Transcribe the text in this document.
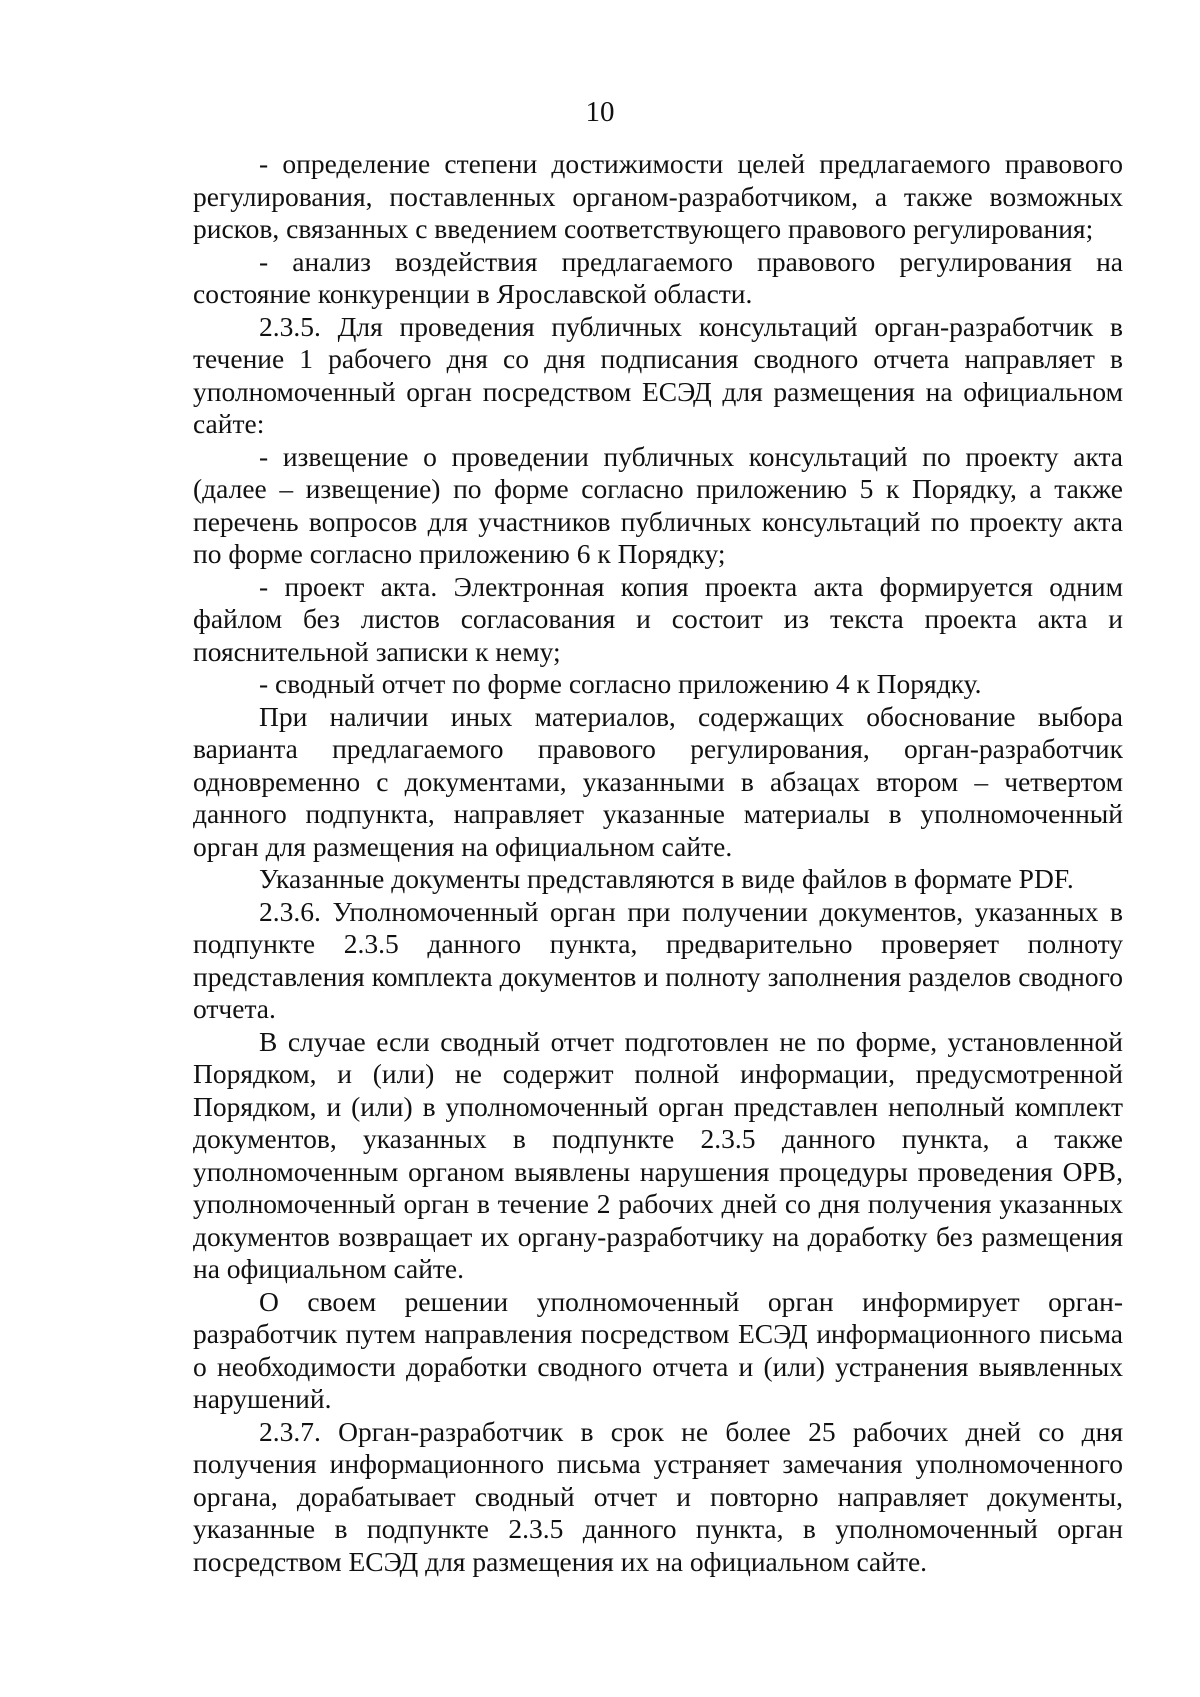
10

- определение степени достижимости целей предлагаемого правового регулирования, поставленных органом-разработчиком, а также возможных рисков, связанных с введением соответствующего правового регулирования;

- анализ воздействия предлагаемого правового регулирования на состояние конкуренции в Ярославской области.

2.3.5. Для проведения публичных консультаций орган-разработчик в течение 1 рабочего дня со дня подписания сводного отчета направляет в уполномоченный орган посредством ЕСЭД для размещения на официальном сайте:

- извещение о проведении публичных консультаций по проекту акта (далее – извещение) по форме согласно приложению 5 к Порядку, а также перечень вопросов для участников публичных консультаций по проекту акта по форме согласно приложению 6 к Порядку;

- проект акта. Электронная копия проекта акта формируется одним файлом без листов согласования и состоит из текста проекта акта и пояснительной записки к нему;

- сводный отчет по форме согласно приложению 4 к Порядку.

При наличии иных материалов, содержащих обоснование выбора варианта предлагаемого правового регулирования, орган-разработчик одновременно с документами, указанными в абзацах втором – четвертом данного подпункта, направляет указанные материалы в уполномоченный орган для размещения на официальном сайте.

Указанные документы представляются в виде файлов в формате PDF.

2.3.6. Уполномоченный орган при получении документов, указанных в подпункте 2.3.5 данного пункта, предварительно проверяет полноту представления комплекта документов и полноту заполнения разделов сводного отчета.

В случае если сводный отчет подготовлен не по форме, установленной Порядком, и (или) не содержит полной информации, предусмотренной Порядком, и (или) в уполномоченный орган представлен неполный комплект документов, указанных в подпункте 2.3.5 данного пункта, а также уполномоченным органом выявлены нарушения процедуры проведения ОРВ, уполномоченный орган в течение 2 рабочих дней со дня получения указанных документов возвращает их органу-разработчику на доработку без размещения на официальном сайте.

О своем решении уполномоченный орган информирует орган-разработчик путем направления посредством ЕСЭД информационного письма о необходимости доработки сводного отчета и (или) устранения выявленных нарушений.

2.3.7. Орган-разработчик в срок не более 25 рабочих дней со дня получения информационного письма устраняет замечания уполномоченного органа, дорабатывает сводный отчет и повторно направляет документы, указанные в подпункте 2.3.5 данного пункта, в уполномоченный орган посредством ЕСЭД для размещения их на официальном сайте.
